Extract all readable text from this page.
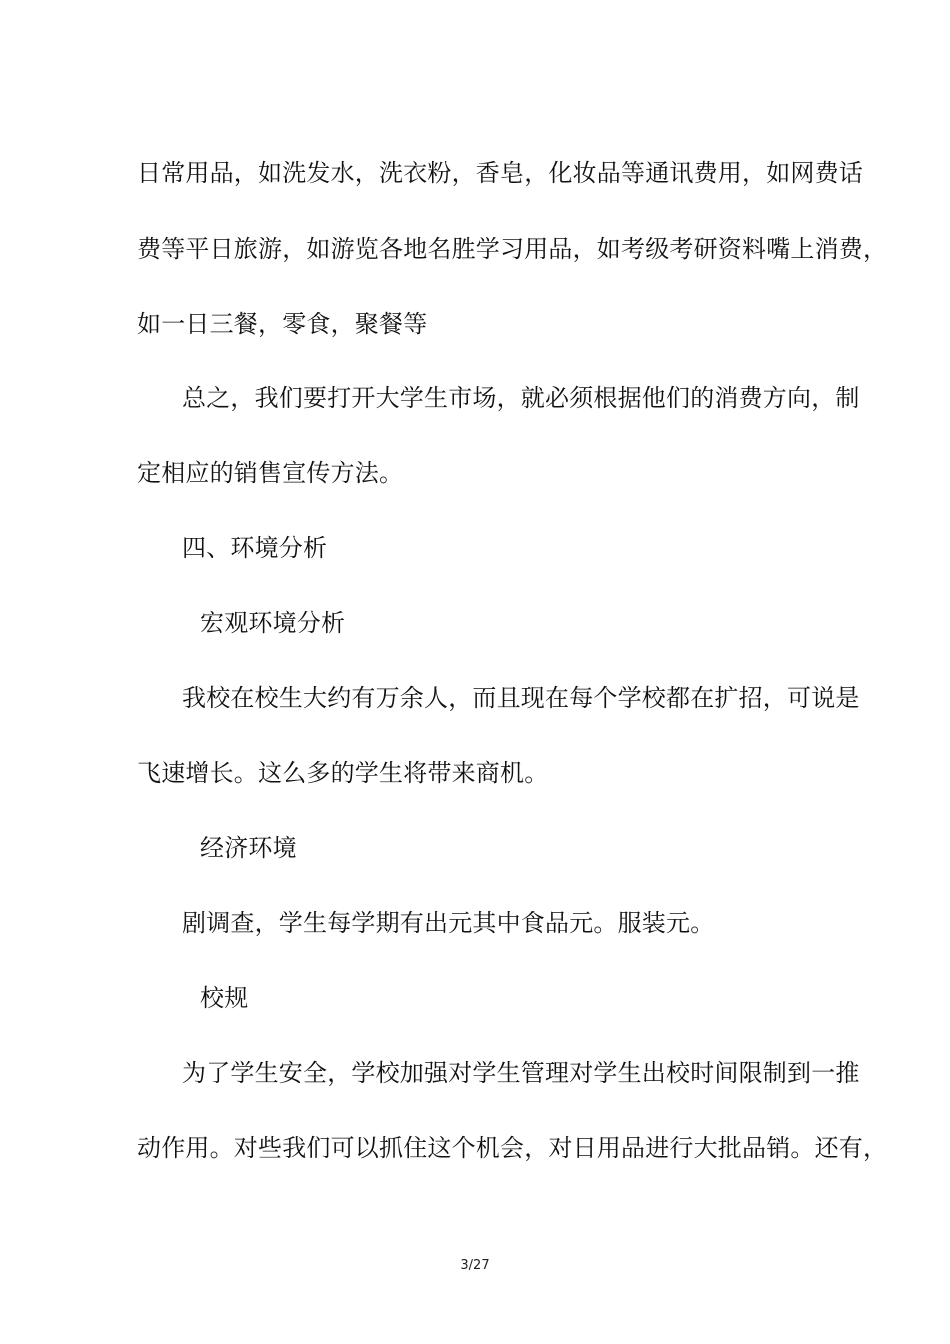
日常用品，如洗发水，洗衣粉，香皂，化妆品等通讯费用，如网费话
费等平日旅游，如游览各地名胜学习用品，如考级考研资料嘴上消费，
如一日三餐，零食，聚餐等
总之，我们要打开大学生市场，就必须根据他们的消费方向，制
定相应的销售宣传方法。
四、环境分析
宏观环境分析
我校在校生大约有万余人，而且现在每个学校都在扩招，可说是
飞速增长。这么多的学生将带来商机。
经济环境
剧调查，学生每学期有出元其中食品元。服装元。
校规
为了学生安全，学校加强对学生管理对学生出校时间限制到一推
动作用。对些我们可以抓住这个机会，对日用品进行大批品销。还有，
3/27
